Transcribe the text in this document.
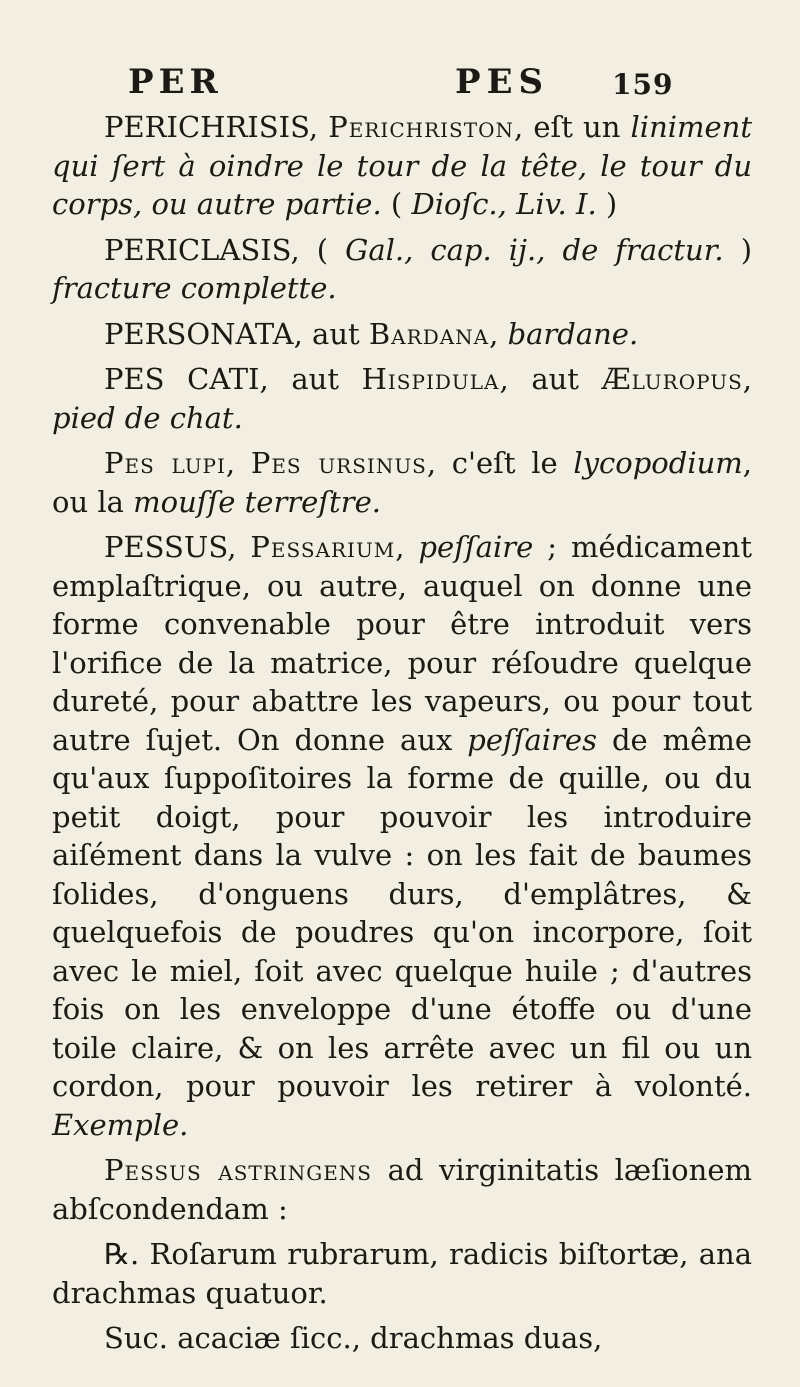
PER	PES 159

PERICHRISIS, Perichriston, eſt un liniment qui ſert à oindre le tour de la tête, le tour du corps, ou autre partie. ( Dioſc., Liv. I. )

PERICLASIS, ( Gal., cap. ij., de fractur. ) fracture complette.

PERSONATA, aut Bardana, bardane.

PES CATI, aut Hispidula, aut Æluropus, pied de chat.

Pes lupi, Pes ursinus, c'eſt le lycopodium, ou la mouſſe terreſtre.

PESSUS, Pessarium, peſſaire ; médicament emplaſtrique, ou autre, auquel on donne une forme convenable pour être introduit vers l'orifice de la matrice, pour réſoudre quelque dureté, pour abattre les vapeurs, ou pour tout autre ſujet. On donne aux peſſaires de même qu'aux ſuppoſitoires la forme de quille, ou du petit doigt, pour pouvoir les introduire aiſément dans la vulve : on les fait de baumes ſolides, d'onguens durs, d'emplâtres, & quelquefois de poudres qu'on incorpore, ſoit avec le miel, ſoit avec quelque huile ; d'autres fois on les enveloppe d'une étoffe ou d'une toile claire, & on les arrête avec un fil ou un cordon, pour pouvoir les retirer à volonté. Exemple.

Pessus astringens ad virginitatis læſionem abſcondendam :

℞. Roſarum rubrarum, radicis biſtortæ, ana drachmas quatuor.

Suc. acaciæ ſicc., drachmas duas,
